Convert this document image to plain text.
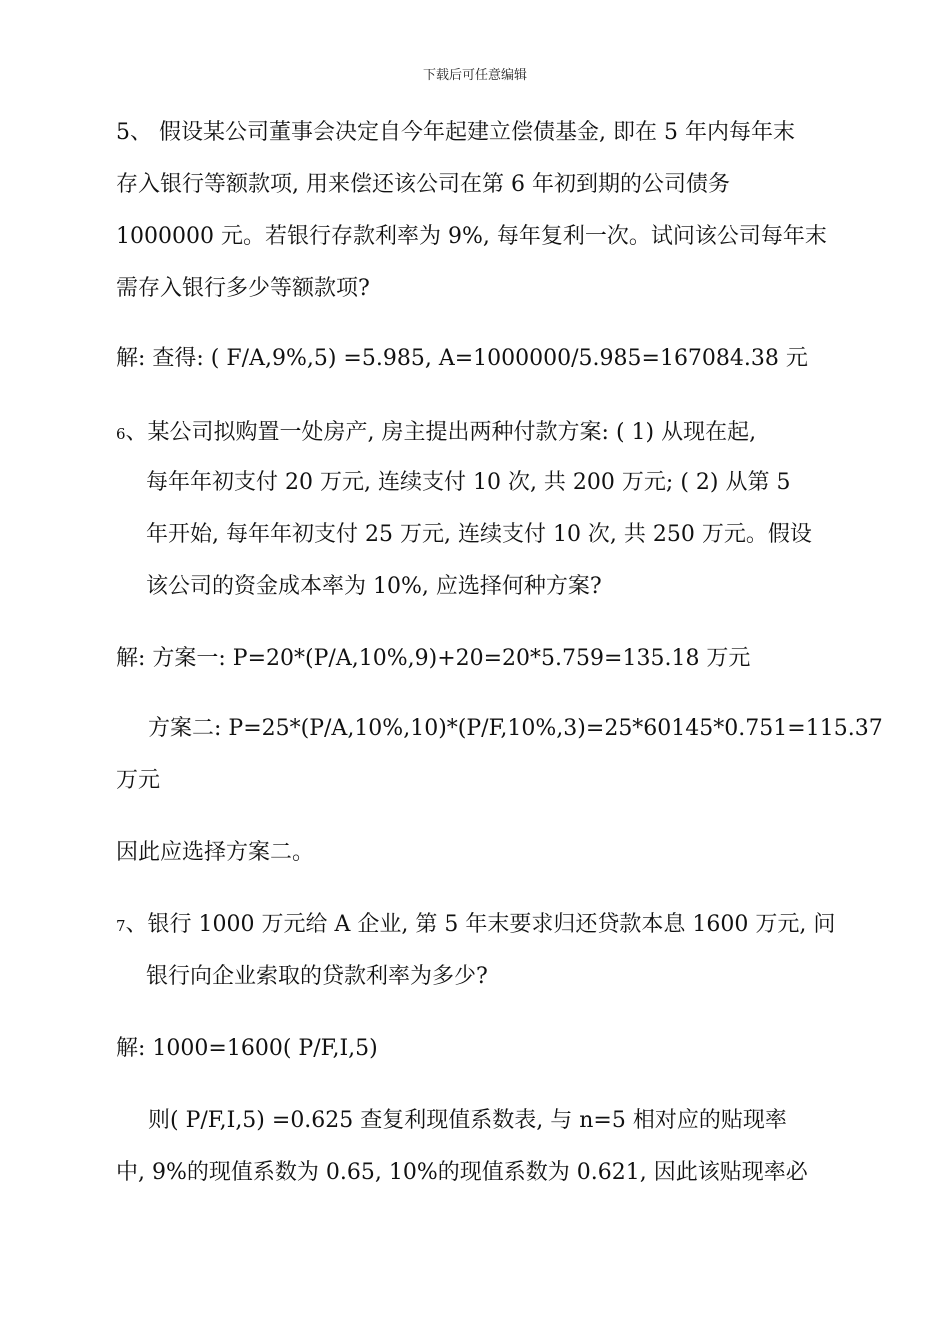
下载后可任意编辑
5、 假设某公司董事会决定自今年起建立偿债基金, 即在 5 年内每年末
存入银行等额款项, 用来偿还该公司在第 6 年初到期的公司债务
1000000 元。若银行存款利率为 9%, 每年复利一次。试问该公司每年末
需存入银行多少等额款项?
解: 查得: ( F/A,9%,5) =5.985, A=1000000/5.985=167084.38 元
6、某公司拟购置一处房产, 房主提出两种付款方案: ( 1) 从现在起,
每年年初支付 20 万元, 连续支付 10 次, 共 200 万元; ( 2) 从第 5
年开始, 每年年初支付 25 万元, 连续支付 10 次, 共 250 万元。假设
该公司的资金成本率为 10%, 应选择何种方案?
解: 方案一: P=20*(P/A,10%,9)+20=20*5.759=135.18 万元
方案二: P=25*(P/A,10%,10)*(P/F,10%,3)=25*60145*0.751=115.37
万元
因此应选择方案二。
7、银行 1000 万元给 A 企业, 第 5 年末要求归还贷款本息 1600 万元, 问
银行向企业索取的贷款利率为多少?
解: 1000=1600( P/F,I,5)
则( P/F,I,5) =0.625 查复利现值系数表, 与 n=5 相对应的贴现率
中, 9%的现值系数为 0.65, 10%的现值系数为 0.621, 因此该贴现率必
